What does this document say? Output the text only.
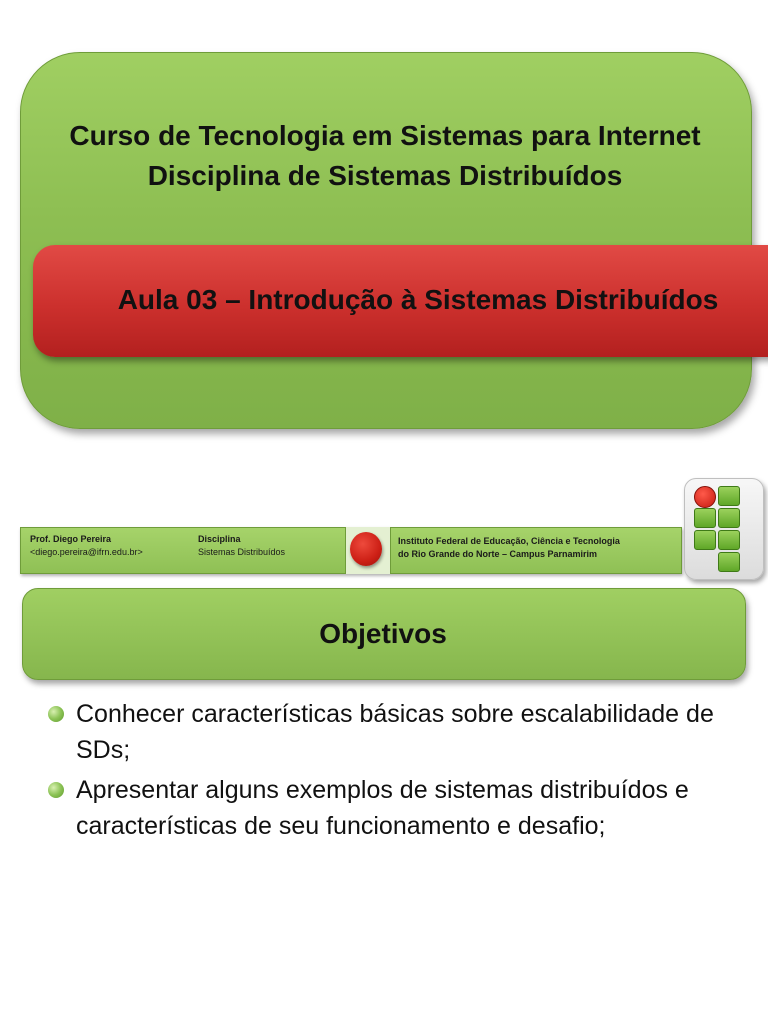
Curso de Tecnologia em Sistemas para Internet
Disciplina de Sistemas Distribuídos
Aula 03 – Introdução à Sistemas Distribuídos
Prof. Diego Pereira
<diego.pereira@ifrn.edu.br>
Disciplina
Sistemas Distribuídos
Instituto Federal de Educação, Ciência e Tecnologia
do Rio Grande do Norte – Campus Parnamirim
Objetivos
Conhecer características básicas sobre escalabilidade de SDs;
Apresentar alguns exemplos de sistemas distribuídos e características de seu funcionamento e desafio;
